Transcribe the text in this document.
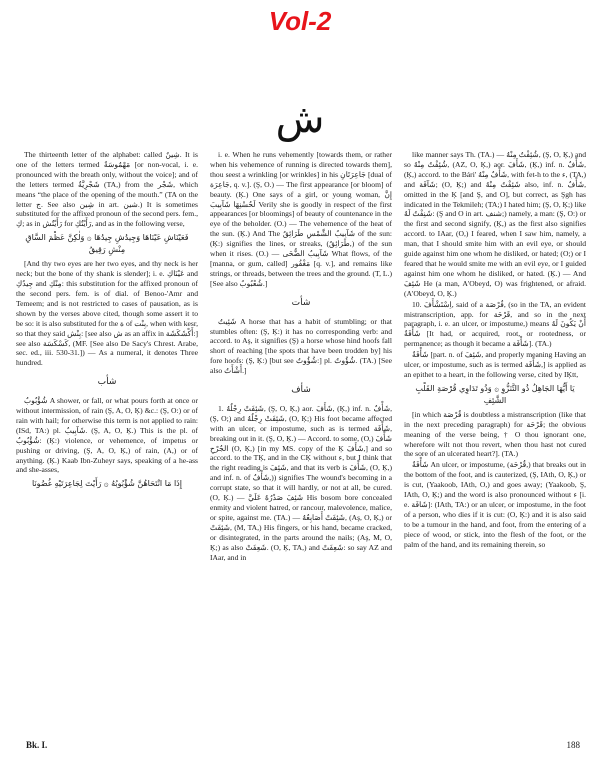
Vol-2
ش
The thirteenth letter of the alphabet: called شِينٌ. It is one of the letters termed مَهْمُوسَةٌ [or non-vocal, i. e. pronounced with the breath only, without the voice]; and of the letters termed شَجْرِيَّةٌ (TA,) from the شَجْر, which means “the place of the opening of the mouth.” (TA on the letter ج. See also شِين in art. شين.) It is sometimes substituted for the affixed pronoun of the second pers. fem., كِ; as in رَأَيْتُش for رَأَيْتُكِ, and as in the following verse,
فَعَيْنَاشِ عَيْنَاهَا وَجِيدُشِ جِيدُهَا ۞ وَلٰكِنَّ عَظْمَ السَّاقِ مِنْشِ رَقِيقُ
[And thy two eyes are her two eyes, and thy neck is her neck; but the bone of thy shank is slender]; i. e. عَيْنَاكِ and جِيدُكِ and مِنْكِ: this substitution for the affixed pronoun of the second pers. fem. is of dial. of Benoo-'Amr and Temeem; and is not restricted to cases of pausation, as is shown by the verses above cited, though some assert it to be so: it is also substituted for the ة of بِنْت, when with kesr, so that they said بِنْش: [see also ش as an affix in أَكْشَكَشَة:] see also كَسْكَسَة, (MF. [See also De Sacy's Chrest. Arabe, sec. ed., iii. 530-31.]) — As a numeral, it denotes Three hundred.
شأب
شُؤْبُوبٌ A shower, or fall, or what pours forth at once or without intermission, of rain (Ş, A, O, Ķ) &c.: (Ş, O:) or of rain with hail; for otherwise this term is not applied to rain: (ISd, TA:) pl. شَآبِيبُ. (Ş, A, O, Ķ.) This is the pl. of شُؤْبُوبٌ: (Ķ:) violence, or vehemence, of impetus or pushing or driving, (Ş, A, O, Ķ,) of rain, (A,) or of anything. (Ķ.) Kaab Ibn-Zuheyr says, speaking of a he-ass and she-asses,
إِذَا مَا انْتَحَاهُنَّ شُؤْبُوبُهُ ۞ رَأَيْتَ لِجَاعِرَتَيْهِ غُضُونَا
i. e. When he runs vehemently [towards them, or rather when his vehemence of running is directed towards them], thou seest a wrinkling [or wrinkles] in his جَاعِرَتَانِ [dual of جَاعِرَة, q. v.]. (Ş, O.) — The first appearance [or bloom] of beauty. (Ķ.) One says of a girl, or young woman, إِنَّ لَحُسْنِهَا شَآبِيبَ Verily she is goodly in respect of the first appearances [or bloomings] of beauty of countenance in the eye of the beholder. (O.) — The vehemence of the heat of the sun. (Ķ.) And The شَآبِيبُ الشَّمْسِ طَرَائِقُ of the sun: (Ķ:) signifies the lines, or streaks, (طَرَائِقُ,) of the sun when it rises. (O.) — شَآبِيبُ الضُّحَى What flows, of the [manna, or gum, called] مَغْفُور [q. v.], and remains like strings, or threads, between the trees and the ground. (T, L.) [See also شُعْبُوبٌ.]
شأت
شَئِيتٌ A horse that has a habit of stumbling; or that stumbles often: (Ş, Ķ:) it has no corresponding verb: and accord. to Aş, it signifies (Ş) a horse whose hind hoofs fall short of reaching [the spots that have been trodden by] his fore hoofs: (Ş, Ķ:) [but see شُؤُوتٌ:] pl. شُؤُوتٌ. (TA.) [See also أَشْأَتُ.]
شأف
1. شَئِفَتْ رِجْلُهُ, (Ş, O, Ķ,) aor. شَأَفَ, (Ķ,) inf. n. شَأْفٌ, (Ş, O;) and شَئِفَتْ رِجْلُهُ, (O, Ķ;) His foot became affected with an ulcer, or impostume, such as is termed شَأْفَة, breaking out in it. (Ş, O, Ķ.) — Accord. to some, (O,) شَأْفَ الجُرْحِ (O, Ķ,) [in my MS. copy of the Ķ شَأَفَ,] and so accord. to the TĶ, and in the CĶ without ء, but I think that the right reading is شَئِفَ, and that its verb is شَأْفَ, (O, Ķ,) and inf. n. of شَأْفٌ,)) signifies The wound's becoming in a corrupt state, so that it will hardly, or not at all, be cured. (O, Ķ.) — شَئِفَ صَدْرُهُ عَلَيَّ His bosom bore concealed enmity and violent hatred, or rancour, malevolence, malice, or spite, against me. (TA.) — شَئِفَتْ أَصَابِعُهُ, (Aş, O, Ķ,) or شَئِفَتْ, (M, TA,) His fingers, or his hand, became cracked, or disintegrated, in the parts around the nails; (Aş, M, O, Ķ;) as also شَعِفَتْ. (O, Ķ, TA,) and شَعِفَتْ: so say AZ and IAar, and in
like manner says Th. (TA.) — شُئِفْتُ مِنْهُ, (Ş, O, Ķ,) and so شُئِفْتُ مِنْهُ, (AZ, O, Ķ,) aor. شَأَفَ, (Ķ,) inf. n. شَأْفٌ, (Ķ,) accord. to the Bári' شَأْفٌ مِنْهُ, with fet-h to the ء, (TA,) and شَآفَة; (O, Ķ;) and شَئِفْتُ مِنْهُ also, inf. n. شَأْفٌ, omitted in the Ķ [and Ş, and O], but correct, as Şgh has indicated in the Tekmileh; (TA;) I hated him; (Ş, O, Ķ;) like شَنِفْتُ لَهُ: (Ş and O in art. شنف;) namely, a man: (Ş, O:) or the first and second signify, (Ķ,) as the first also signifies accord. to IAar, (O,) I feared, when I saw him, namely, a man, that I should smite him with an evil eye, or should guide against him one whom he disliked, or hated; (O;) or I feared that he would smite me with an evil eye, or I guided against him one whom he disliked, or hated. (Ķ.) — And شَئِفَ He (a man, A'Obeyd, O) was frightened, or afraid. (A'Obeyd, O, Ķ.)
10. اِسْتَشْأَفَ, said of a فُرْصَة, (so in the TA, an evident mistranscription, app. for قَرْحَة, and so in the next paragraph, i. e. an ulcer, or impostume,) means أَنْ يَكُونَ لَهُ شَأْفَةٌ [It had, or acquired, root, or rootedness, or permanence; as though it became a شَأْفَة]. (TA.)
شَأْفَةٌ [part. n. of شَئِفَ, and properly meaning Having an ulcer, or impostume, such as is termed شَأْفَة,] is applied as an epithet to a heart, in the following verse, cited by IĶtt,
يَا أَيُّهَا الجَاهِلُ ذُو التَّنَزُّوِ ۞ وَذُو تَدَاوِي قُرْصَةِ القَلْبِ الشَّئِفِ
[in which قُرْصَة is doubtless a mistranscription (like that in the next preceding paragraph) for قَرْحَة; the obvious meaning of the verse being, † O thou ignorant one, wherefore wilt not thou revert, when thou hast not cured the sore of an ulcerated heart?]. (TA.)
شَأْفَةٌ An ulcer, or impostume, (قُرْحَة,) that breaks out in the bottom of the foot, and is cauterized, (Ş, IAth, O, Ķ,) or is cut, (Yaakoob, IAth, O,) and goes away; (Yaakoob, Ş, IAth, O, Ķ;) and the word is also pronounced without ء [i. e. شَافَة]: (IAth, TA:) or an ulcer, or impostume, in the foot of a person, who dies if it is cut: (O, Ķ:) and it is also said to be a tumour in the hand, and foot, from the entering of a piece of wood, or stick, into the flesh of the foot, or the palm of the hand, and its remaining therein, so
Bk. I.	188
